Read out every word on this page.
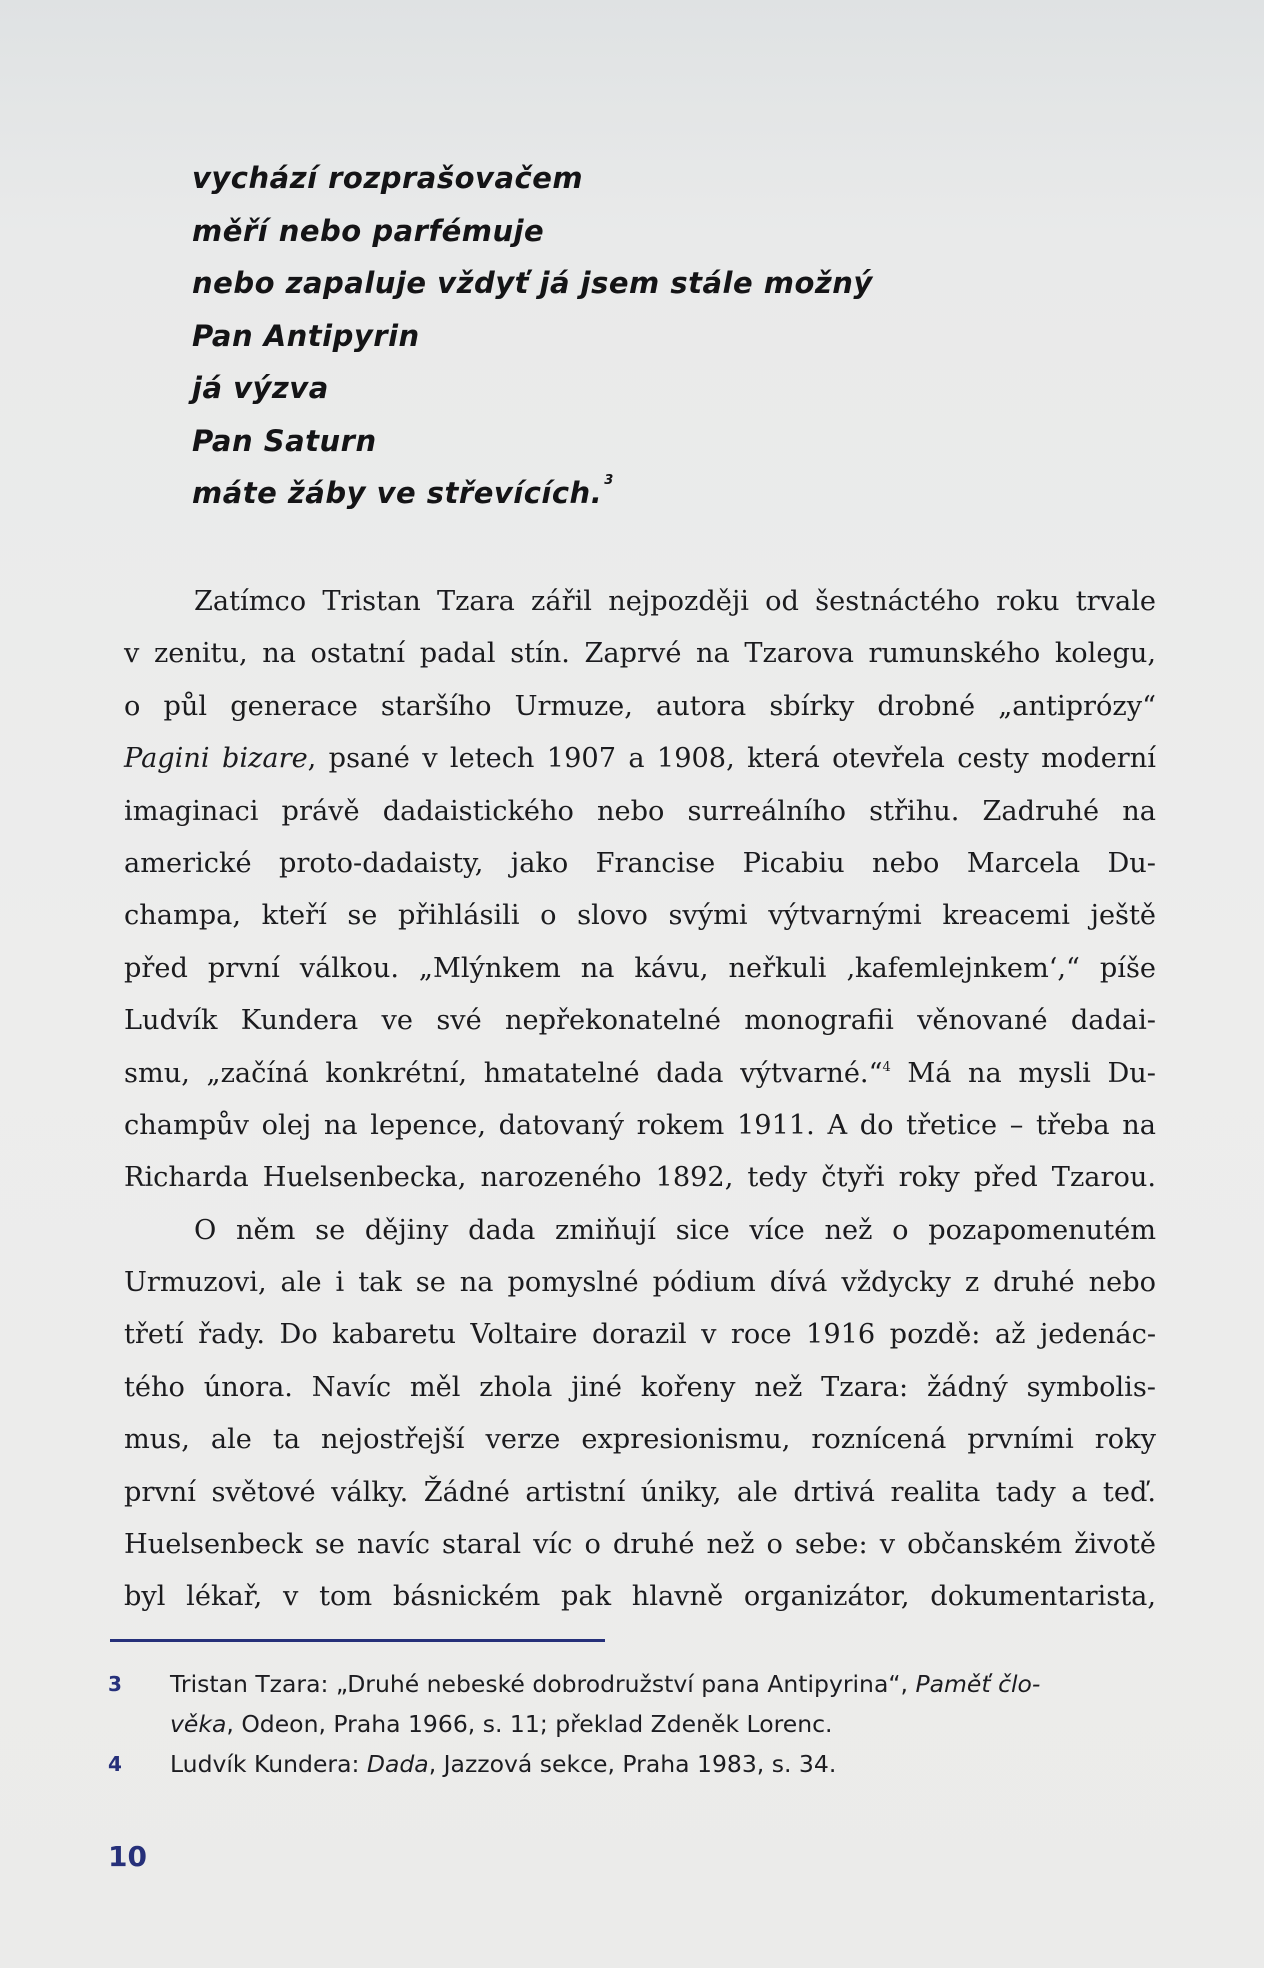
vychází rozprašovačem
měří nebo parfémuje
nebo zapaluje vždyť já jsem stále možný
Pan Antipyrin
já výzva
Pan Saturn
máte žáby ve střevících. $^3$
Zatímco Tristan Tzara zářil nejpozději od šestnáctého roku trvale
v zenitu, na ostatní padal stín. Zaprvé na Tzarova rumunského kolegu,
o půl generace staršího Urmuze, autora sbírky drobné „antiprózy“
Pagini bizare, psané v letech 1907 a 1908, která otevřela cesty moderní
imaginaci právě dadaistického nebo surreálního střihu. Zadruhé na
americké proto-dadaisty, jako Francise Picabiu nebo Marcela Du-
champa, kteří se přihlásili o slovo svými výtvarnými kreacemi ještě
před první válkou. „Mlýnkem na kávu, neřkuli ‚kafemlejnkem‘,“ píše
Ludvík Kundera ve své nepřekonatelné monografii věnované dadai-
smu, „začíná konkrétní, hmatatelné dada výtvarné.“$^4$ Má na mysli Du-
champův olej na lepence, datovaný rokem 1911. A do třetice – třeba na
Richarda Huelsenbecka, narozeného 1892, tedy čtyři roky před Tzarou.
O něm se dějiny dada zmiňují sice více než o pozapomenutém
Urmuzovi, ale i tak se na pomyslné pódium dívá vždycky z druhé nebo
třetí řady. Do kabaretu Voltaire dorazil v roce 1916 pozdě: až jedenác-
tého února. Navíc měl zhola jiné kořeny než Tzara: žádný symbolis-
mus, ale ta nejostřejší verze expresionismu, roznícená prvními roky
první světové války. Žádné artistní úniky, ale drtivá realita tady a teď.
Huelsenbeck se navíc staral víc o druhé než o sebe: v občanském životě
byl lékař, v tom básnickém pak hlavně organizátor, dokumentarista,
3 Tristan Tzara: „Druhé nebeské dobrodružství pana Antipyrina“, Paměť člo-
věka, Odeon, Praha 1966, s. 11; překlad Zdeněk Lorenc.
4 Ludvík Kundera: Dada, Jazzová sekce, Praha 1983, s. 34.
10
